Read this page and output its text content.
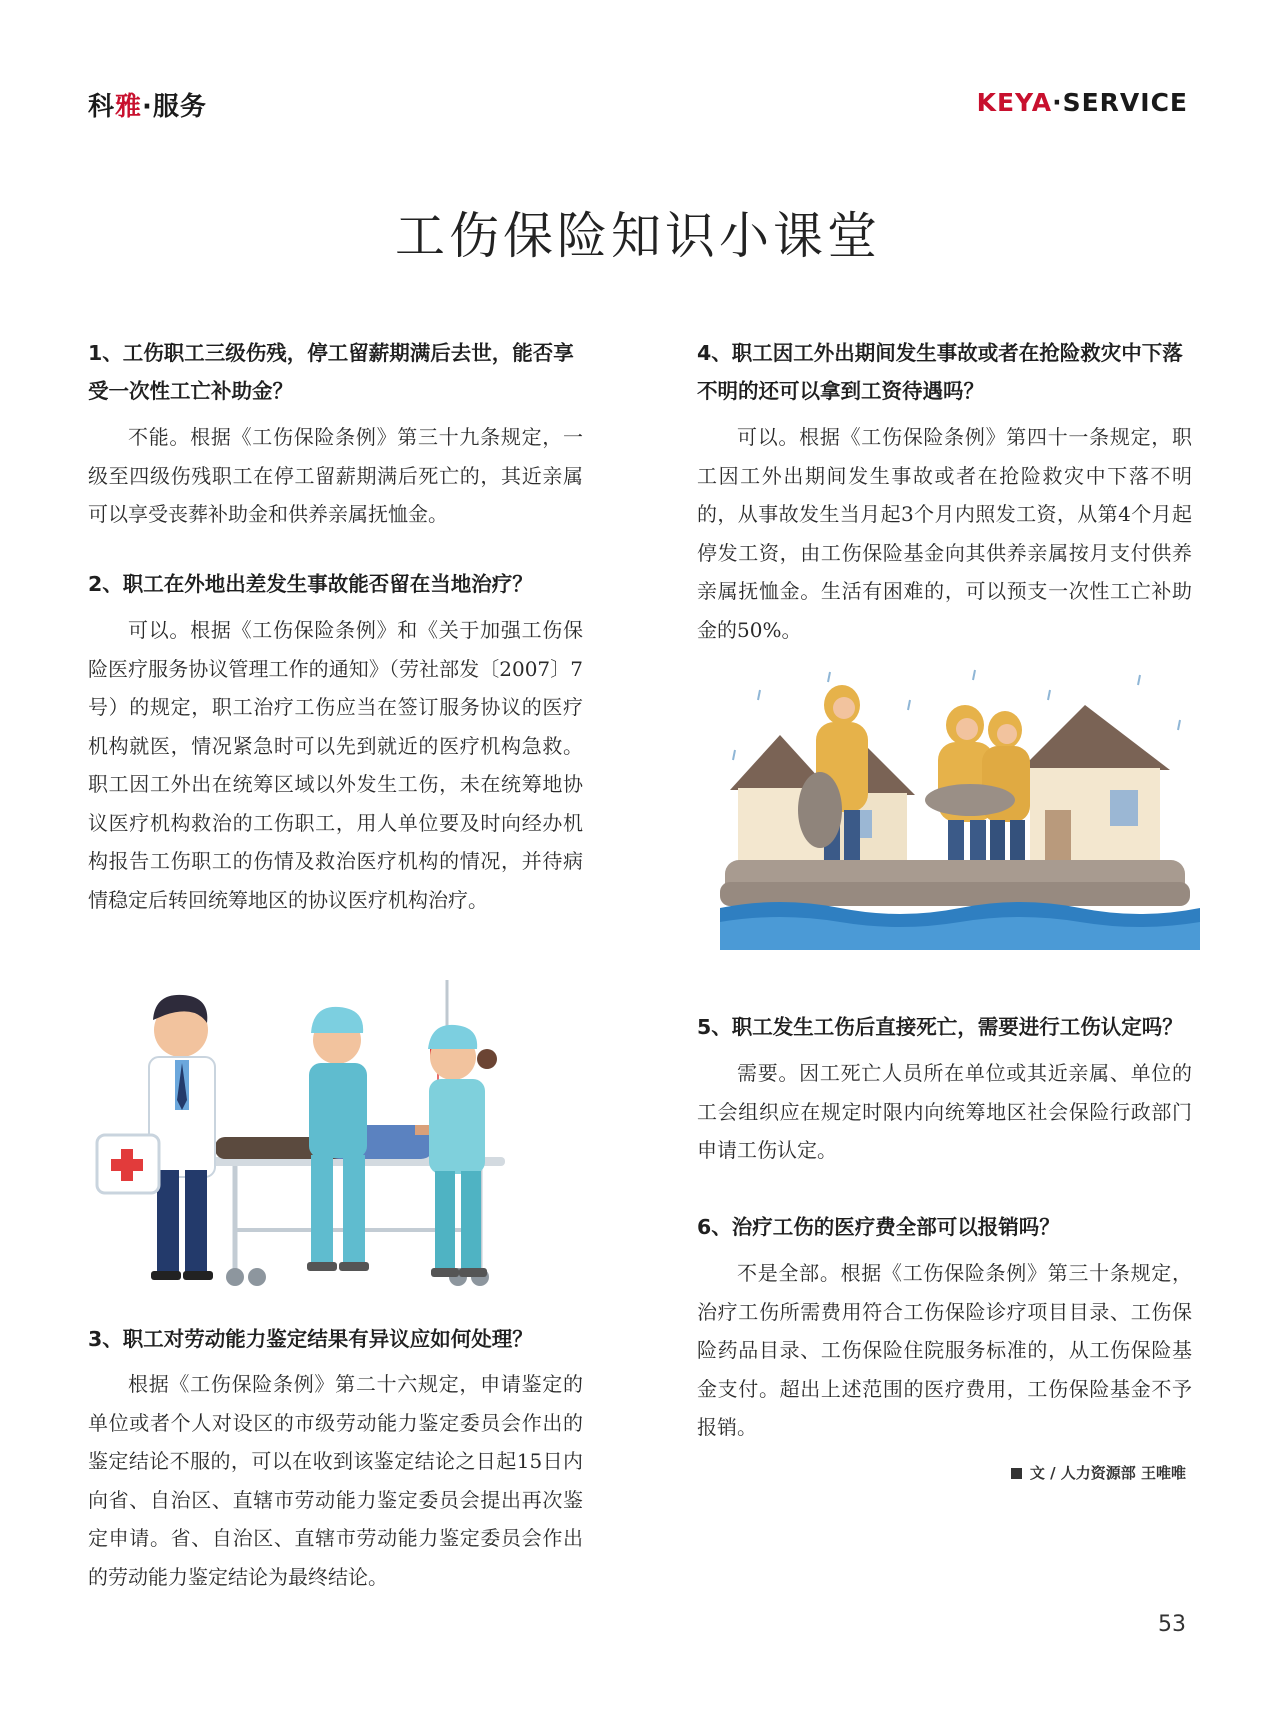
科雅·服务	KEYA·SERVICE
工伤保险知识小课堂

1、工伤职工三级伤残，停工留薪期满后去世，能否享受一次性工亡补助金？

不能。根据《工伤保险条例》第三十九条规定，一级至四级伤残职工在停工留薪期满后死亡的，其近亲属可以享受丧葬补助金和供养亲属抚恤金。

2、职工在外地出差发生事故能否留在当地治疗？

可以。根据《工伤保险条例》和《关于加强工伤保险医疗服务协议管理工作的通知》（劳社部发〔2007〕7号）的规定，职工治疗工伤应当在签订服务协议的医疗机构就医，情况紧急时可以先到就近的医疗机构急救。职工因工外出在统筹区域以外发生工伤，未在统筹地协议医疗机构救治的工伤职工，用人单位要及时向经办机构报告工伤职工的伤情及救治医疗机构的情况，并待病情稳定后转回统筹地区的协议医疗机构治疗。

3、职工对劳动能力鉴定结果有异议应如何处理？

根据《工伤保险条例》第二十六规定，申请鉴定的单位或者个人对设区的市级劳动能力鉴定委员会作出的鉴定结论不服的，可以在收到该鉴定结论之日起15日内向省、自治区、直辖市劳动能力鉴定委员会提出再次鉴定申请。省、自治区、直辖市劳动能力鉴定委员会作出的劳动能力鉴定结论为最终结论。

4、职工因工外出期间发生事故或者在抢险救灾中下落不明的还可以拿到工资待遇吗？

可以。根据《工伤保险条例》第四十一条规定，职工因工外出期间发生事故或者在抢险救灾中下落不明的，从事故发生当月起3个月内照发工资，从第4个月起停发工资，由工伤保险基金向其供养亲属按月支付供养亲属抚恤金。生活有困难的，可以预支一次性工亡补助金的50%。

5、职工发生工伤后直接死亡，需要进行工伤认定吗？

需要。因工死亡人员所在单位或其近亲属、单位的工会组织应在规定时限内向统筹地区社会保险行政部门申请工伤认定。

6、治疗工伤的医疗费全部可以报销吗？

不是全部。根据《工伤保险条例》第三十条规定，治疗工伤所需费用符合工伤保险诊疗项目目录、工伤保险药品目录、工伤保险住院服务标准的，从工伤保险基金支付。超出上述范围的医疗费用，工伤保险基金不予报销。

文 / 人力资源部 王唯唯
53
